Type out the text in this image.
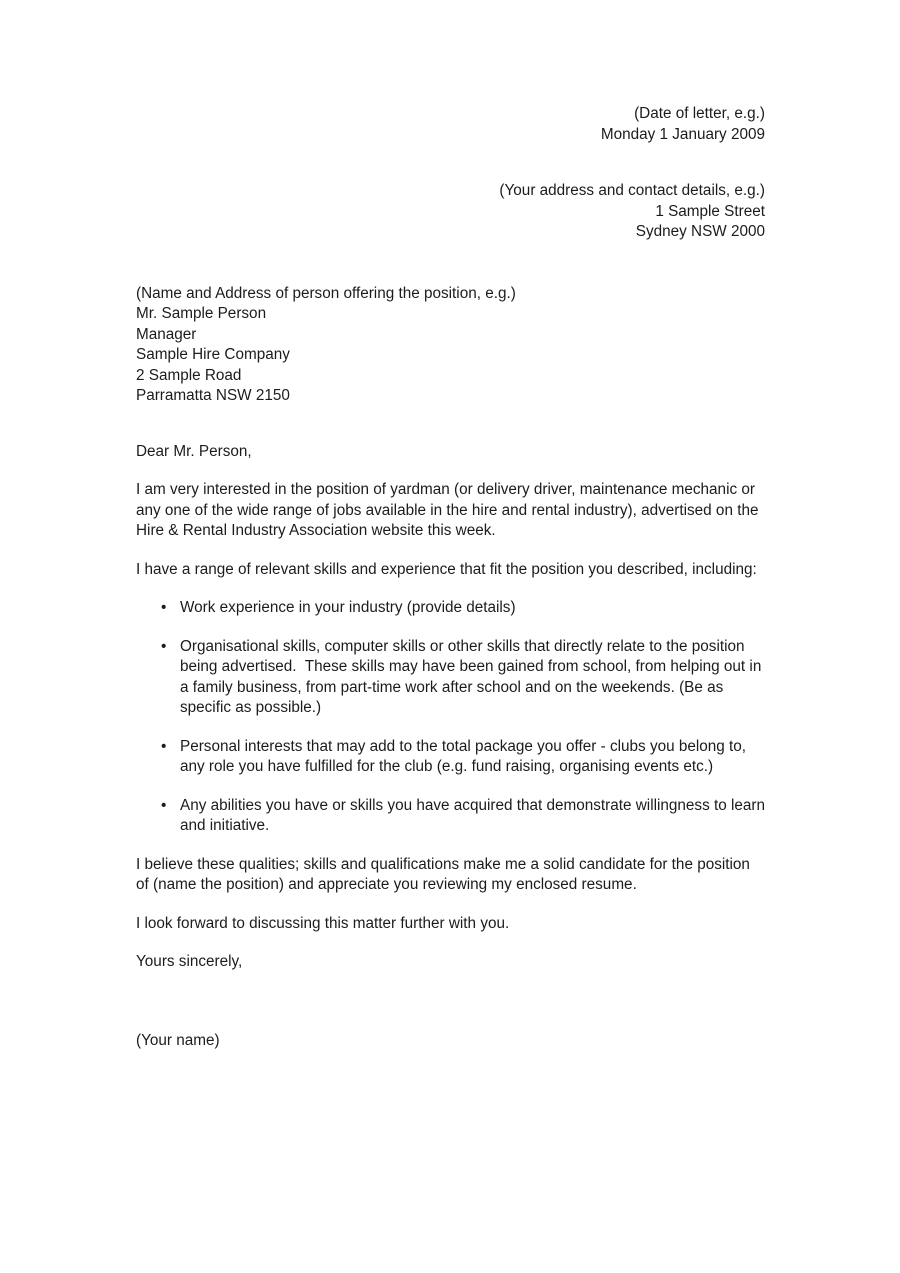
(Date of letter, e.g.)
Monday 1 January 2009
(Your address and contact details, e.g.)
1 Sample Street
Sydney NSW 2000
(Name and Address of person offering the position, e.g.)
Mr. Sample Person
Manager
Sample Hire Company
2 Sample Road
Parramatta NSW 2150

Dear Mr. Person,

I am very interested in the position of yardman (or delivery driver, maintenance mechanic or any one of the wide range of jobs available in the hire and rental industry), advertised on the Hire & Rental Industry Association website this week.

I have a range of relevant skills and experience that fit the position you described, including:

• Work experience in your industry (provide details)
• Organisational skills, computer skills or other skills that directly relate to the position being advertised.  These skills may have been gained from school, from helping out in a family business, from part-time work after school and on the weekends. (Be as specific as possible.)
• Personal interests that may add to the total package you offer - clubs you belong to, any role you have fulfilled for the club (e.g. fund raising, organising events etc.)
• Any abilities you have or skills you have acquired that demonstrate willingness to learn and initiative.

I believe these qualities; skills and qualifications make me a solid candidate for the position of (name the position) and appreciate you reviewing my enclosed resume.

I look forward to discussing this matter further with you.

Yours sincerely,

(Your name)
